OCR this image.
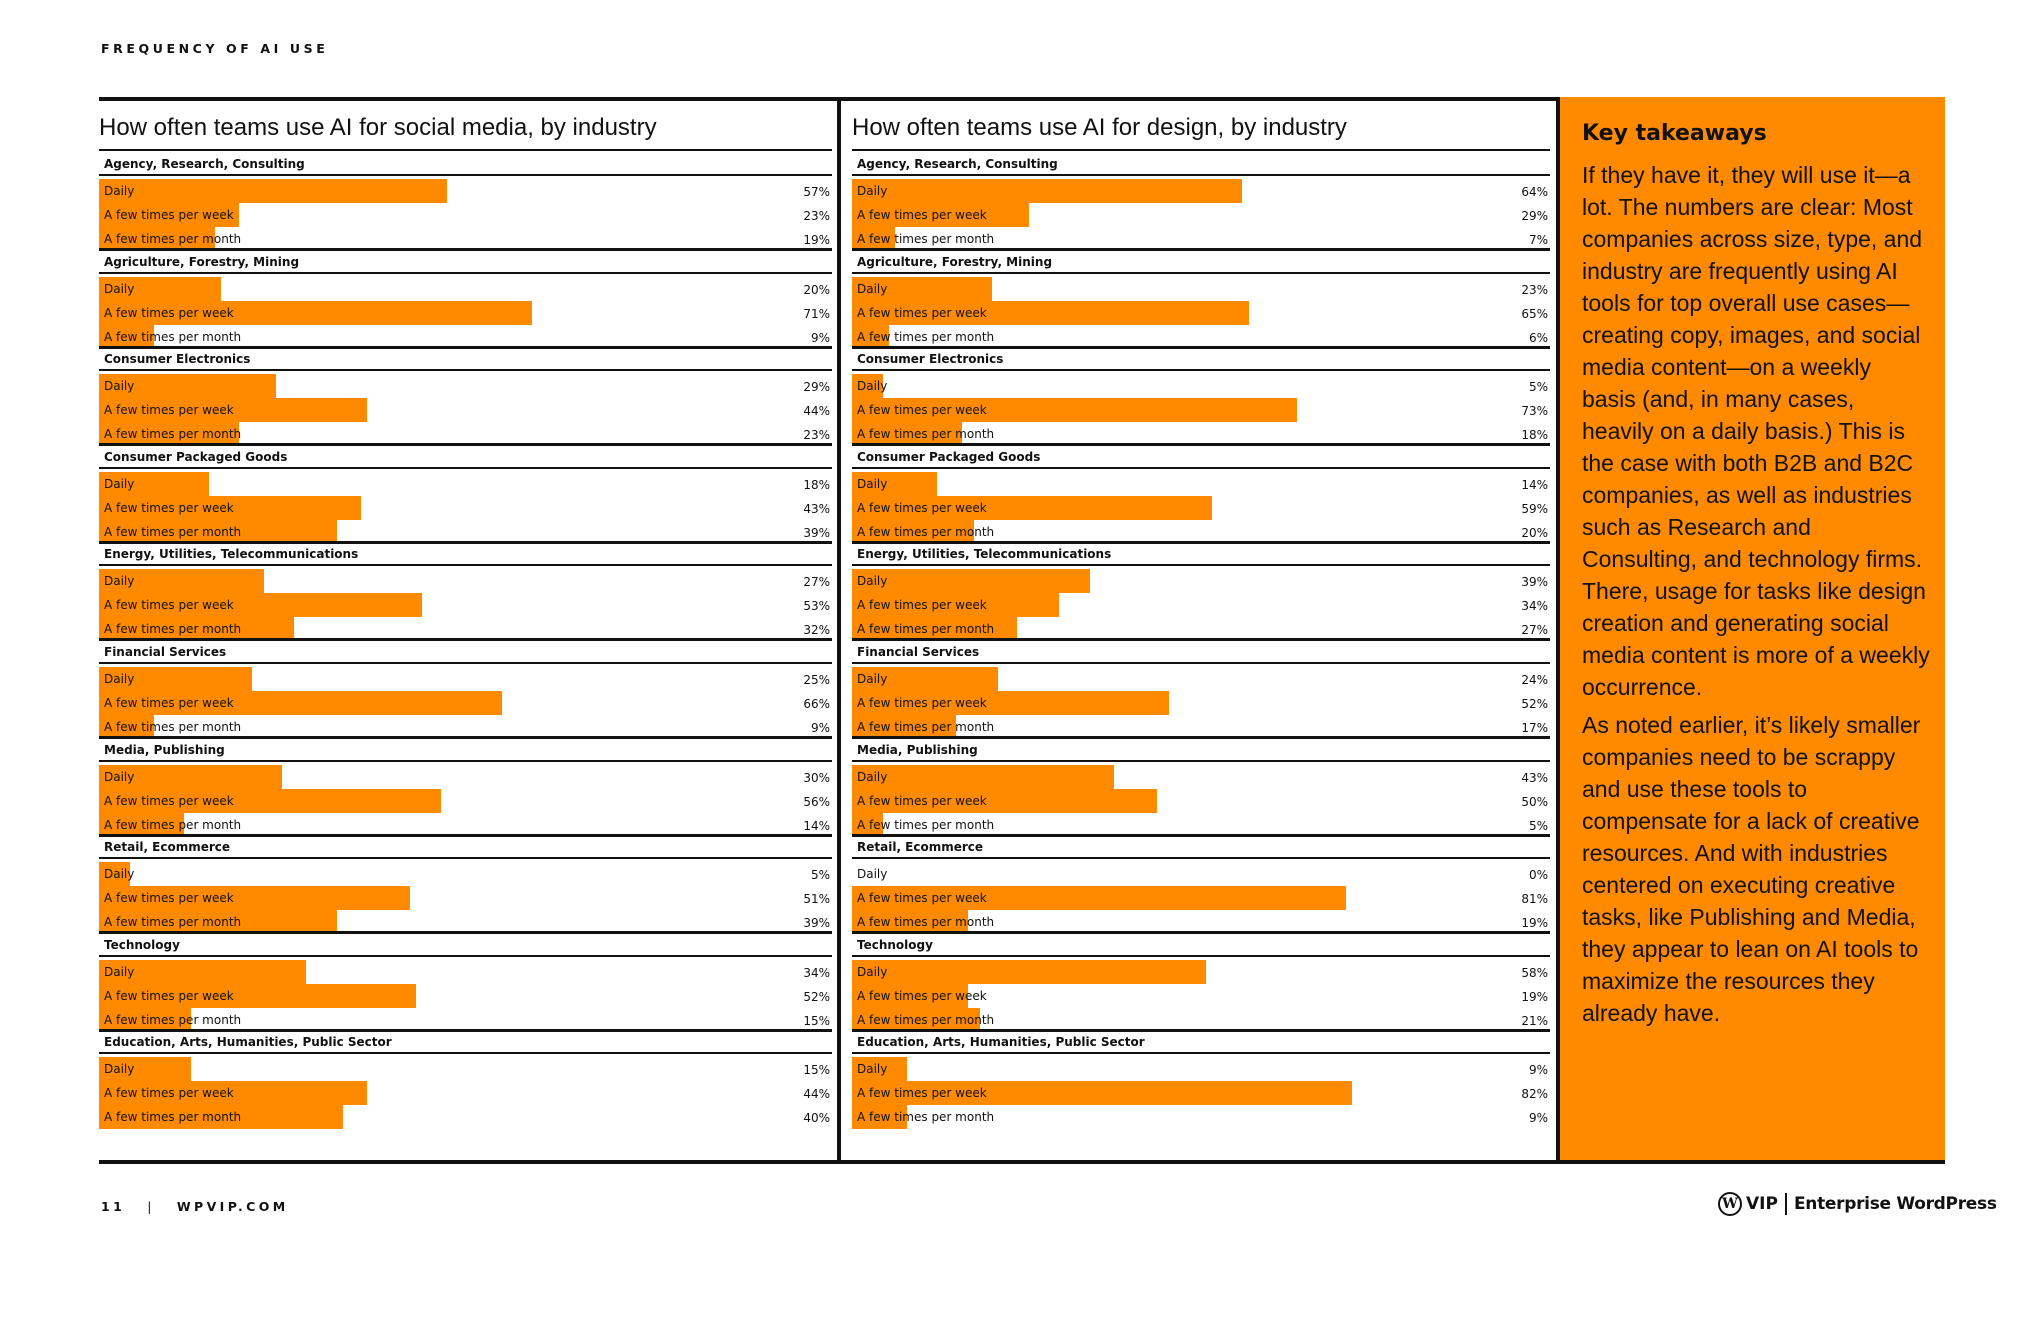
FREQUENCY OF AI USE
How often teams use AI for social media, by industry
Agency, Research, Consulting
Daily	57%
A few times per week	23%
A few times per month	19%
Agriculture, Forestry, Mining
Daily	20%
A few times per week	71%
A few times per month	9%
Consumer Electronics
Daily	29%
A few times per week	44%
A few times per month	23%
Consumer Packaged Goods
Daily	18%
A few times per week	43%
A few times per month	39%
Energy, Utilities, Telecommunications
Daily	27%
A few times per week	53%
A few times per month	32%
Financial Services
Daily	25%
A few times per week	66%
A few times per month	9%
Media, Publishing
Daily	30%
A few times per week	56%
A few times per month	14%
Retail, Ecommerce
Daily	5%
A few times per week	51%
A few times per month	39%
Technology
Daily	34%
A few times per week	52%
A few times per month	15%
Education, Arts, Humanities, Public Sector
Daily	15%
A few times per week	44%
A few times per month	40%
How often teams use AI for design, by industry
Agency, Research, Consulting
Daily	64%
A few times per week	29%
A few times per month	7%
Agriculture, Forestry, Mining
Daily	23%
A few times per week	65%
A few times per month	6%
Consumer Electronics
Daily	5%
A few times per week	73%
A few times per month	18%
Consumer Packaged Goods
Daily	14%
A few times per week	59%
A few times per month	20%
Energy, Utilities, Telecommunications
Daily	39%
A few times per week	34%
A few times per month	27%
Financial Services
Daily	24%
A few times per week	52%
A few times per month	17%
Media, Publishing
Daily	43%
A few times per week	50%
A few times per month	5%
Retail, Ecommerce
Daily	0%
A few times per week	81%
A few times per month	19%
Technology
Daily	58%
A few times per week	19%
A few times per month	21%
Education, Arts, Humanities, Public Sector
Daily	9%
A few times per week	82%
A few times per month	9%
Key takeaways

If they have it, they will use it—a lot. The numbers are clear: Most companies across size, type, and industry are frequently using AI tools for top overall use cases—creating copy, images, and social media content—on a weekly basis (and, in many cases, heavily on a daily basis.) This is the case with both B2B and B2C companies, as well as industries such as Research and Consulting, and technology firms. There, usage for tasks like design creation and generating social media content is more of a weekly occurrence.

As noted earlier, it’s likely smaller companies need to be scrappy and use these tools to compensate for a lack of creative resources. And with industries centered on executing creative tasks, like Publishing and Media, they appear to lean on AI tools to maximize the resources they already have.

11 | WPVIP.COM	W VIP Enterprise WordPress
